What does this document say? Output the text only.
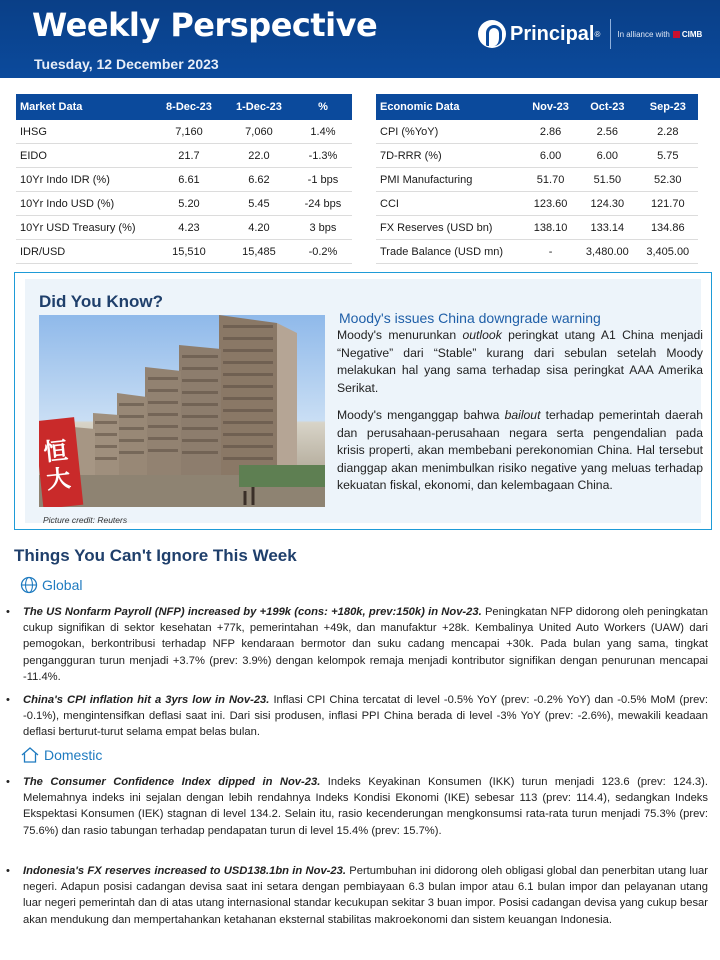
Weekly Perspective
Tuesday, 12 December 2023
Principal ® In alliance with CIMB
Market Data	8-Dec-23	1-Dec-23	%
IHSG	7,160	7,060	1.4%
EIDO	21.7	22.0	-1.3%
10Yr Indo IDR (%)	6.61	6.62	-1 bps
10Yr Indo USD (%)	5.20	5.45	-24 bps
10Yr USD Treasury (%)	4.23	4.20	3 bps
IDR/USD	15,510	15,485	-0.2%
Economic Data	Nov-23	Oct-23	Sep-23
CPI (%YoY)	2.86	2.56	2.28
7D-RRR (%)	6.00	6.00	5.75
PMI Manufacturing	51.70	51.50	52.30
CCI	123.60	124.30	121.70
FX Reserves (USD bn)	138.10	133.14	134.86
Trade Balance (USD mn)	-	3,480.00	3,405.00
Did You Know?
恒大
Picture credit: Reuters
Moody's issues China downgrade warning

Moody's menurunkan outlook peringkat utang A1 China menjadi “Negative” dari “Stable” kurang dari sebulan setelah Moody melakukan hal yang sama terhadap sisa peringkat AAA Amerika Serikat.

Moody's menganggap bahwa bailout terhadap pemerintah daerah dan perusahaan-perusahaan negara serta pengendalian pada krisis properti, akan membebani perekonomian China. Hal tersebut dianggap akan menimbulkan risiko negative yang meluas terhadap kekuatan fiskal, ekonomi, dan kelembagaan China.

Things You Can't Ignore This Week
Global
• The US Nonfarm Payroll (NFP) increased by +199k (cons: +180k, prev:150k) in Nov-23. Peningkatan NFP didorong oleh peningkatan cukup signifikan di sektor kesehatan +77k, pemerintahan +49k, dan manufaktur +28k. Kembalinya United Auto Workers (UAW) dari pemogokan, berkontribusi terhadap NFP kendaraan bermotor dan suku cadang mencapai +30k. Pada bulan yang sama, tingkat pengangguran turun menjadi +3.7% (prev: 3.9%) dengan kelompok remaja menjadi kontributor signifikan dengan penurunan mencapai -11.4%.
• China's CPI inflation hit a 3yrs low in Nov-23. Inflasi CPI China tercatat di level -0.5% YoY (prev: -0.2% YoY) dan -0.5% MoM (prev: -0.1%), mengintensifkan deflasi saat ini. Dari sisi produsen, inflasi PPI China berada di level -3% YoY (prev: -2.6%), mewakili keadaan deflasi berturut-turut selama empat belas bulan.
Domestic
• The Consumer Confidence Index dipped in Nov-23. Indeks Keyakinan Konsumen (IKK) turun menjadi 123.6 (prev: 124.3). Melemahnya indeks ini sejalan dengan lebih rendahnya Indeks Kondisi Ekonomi (IKE) sebesar 113 (prev: 114.4), sedangkan Indeks Ekspektasi Konsumen (IEK) stagnan di level 134.2. Selain itu, rasio kecenderungan mengkonsumsi rata-rata turun menjadi 75.3% (prev: 75.6%) dan rasio tabungan terhadap pendapatan turun di level 15.4% (prev: 15.7%).
• Indonesia's FX reserves increased to USD138.1bn in Nov-23. Pertumbuhan ini didorong oleh obligasi global dan penerbitan utang luar negeri. Adapun posisi cadangan devisa saat ini setara dengan pembiayaan 6.3 bulan impor atau 6.1 bulan impor dan pelayanan utang luar negeri pemerintah dan di atas utang internasional standar kecukupan sekitar 3 buan impor. Posisi cadangan devisa yang cukup besar akan mendukung dan mempertahankan ketahanan eksternal stabilitas makroekonomi dan sistem keuangan Indonesia.
